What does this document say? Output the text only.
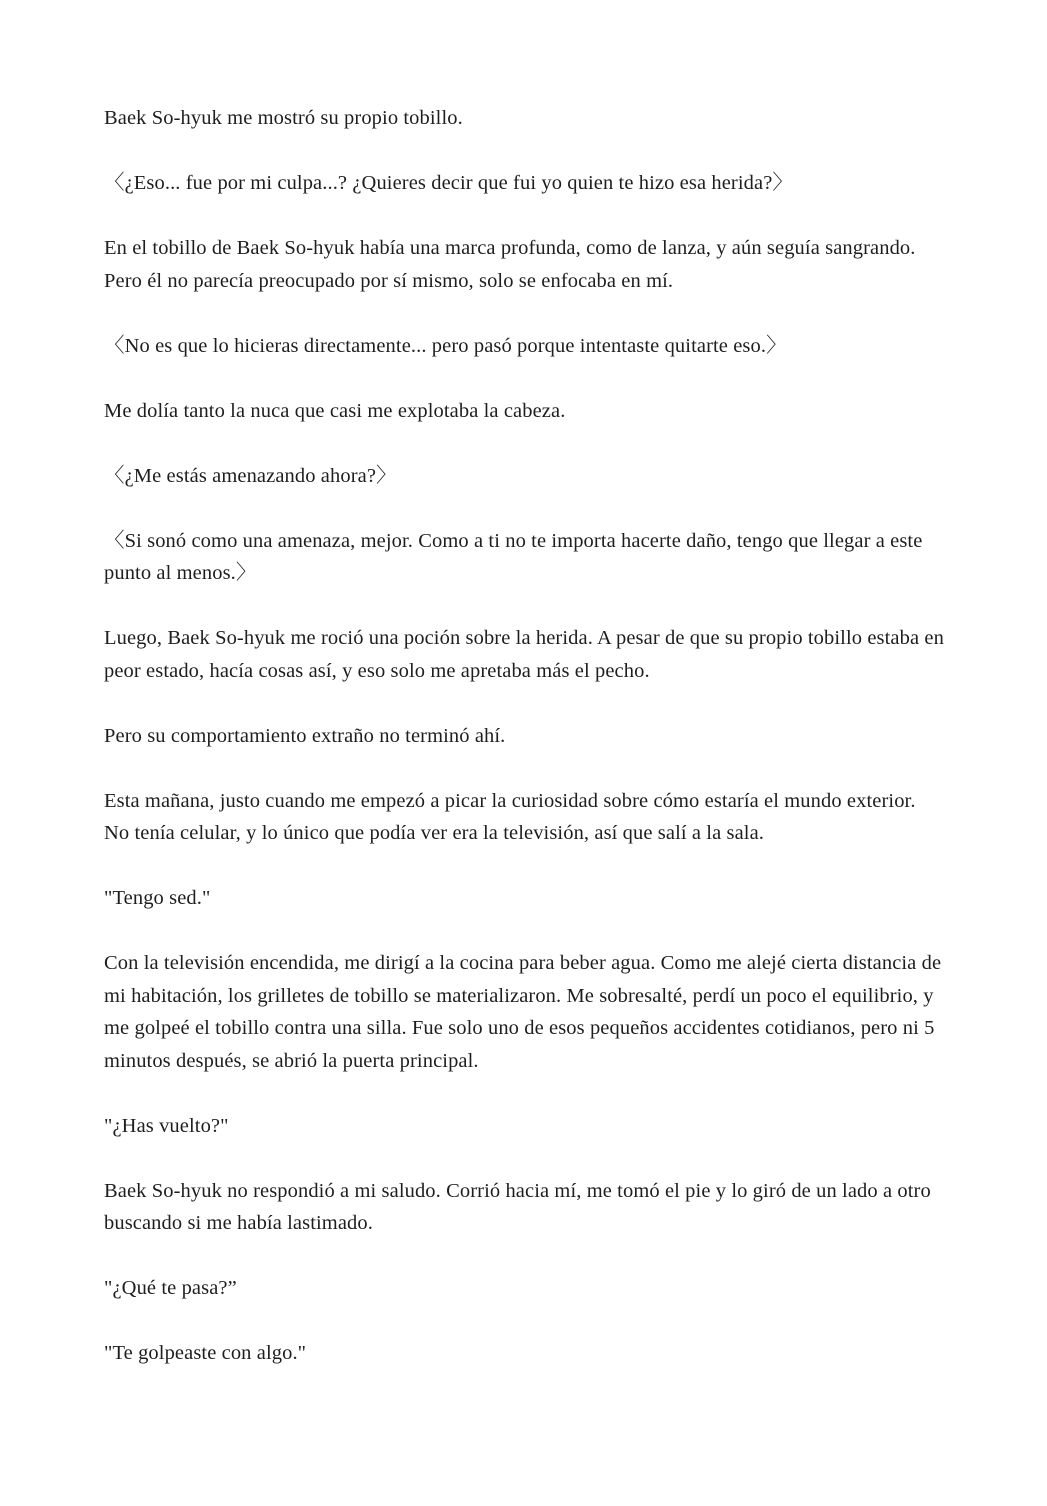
Baek So-hyuk me mostró su propio tobillo.

〈¿Eso... fue por mi culpa...? ¿Quieres decir que fui yo quien te hizo esa herida?〉

En el tobillo de Baek So-hyuk había una marca profunda, como de lanza, y aún seguía sangrando. Pero él no parecía preocupado por sí mismo, solo se enfocaba en mí.

〈No es que lo hicieras directamente... pero pasó porque intentaste quitarte eso.〉

Me dolía tanto la nuca que casi me explotaba la cabeza.

〈¿Me estás amenazando ahora?〉

〈Si sonó como una amenaza, mejor. Como a ti no te importa hacerte daño, tengo que llegar a este punto al menos.〉

Luego, Baek So-hyuk me roció una poción sobre la herida. A pesar de que su propio tobillo estaba en peor estado, hacía cosas así, y eso solo me apretaba más el pecho.

Pero su comportamiento extraño no terminó ahí.

Esta mañana, justo cuando me empezó a picar la curiosidad sobre cómo estaría el mundo exterior. No tenía celular, y lo único que podía ver era la televisión, así que salí a la sala.

"Tengo sed."

Con la televisión encendida, me dirigí a la cocina para beber agua. Como me alejé cierta distancia de mi habitación, los grilletes de tobillo se materializaron. Me sobresalté, perdí un poco el equilibrio, y me golpeé el tobillo contra una silla. Fue solo uno de esos pequeños accidentes cotidianos, pero ni 5 minutos después, se abrió la puerta principal.

"¿Has vuelto?"

Baek So-hyuk no respondió a mi saludo. Corrió hacia mí, me tomó el pie y lo giró de un lado a otro buscando si me había lastimado.

"¿Qué te pasa?”

"Te golpeaste con algo."
